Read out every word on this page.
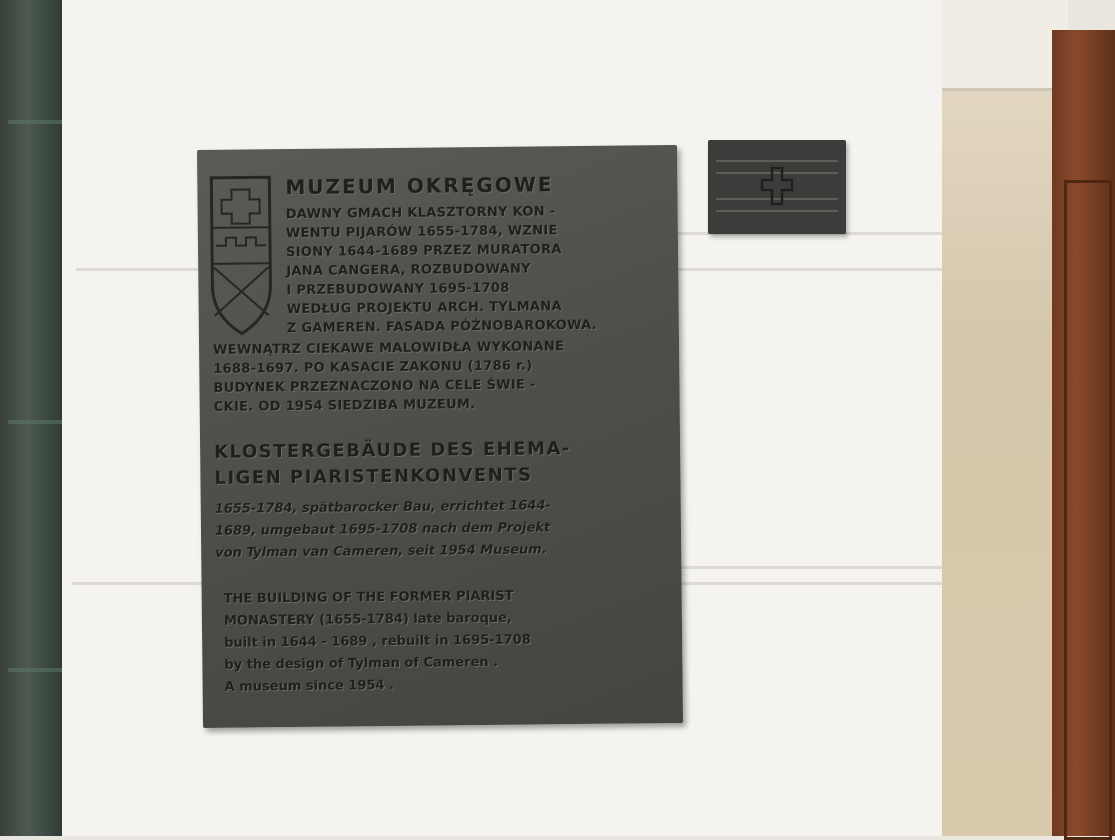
MUZEUM OKRĘGOWE
DAWNY GMACH KLASZTORNY KON -
WENTU PIJARÓW 1655-1784, WZNIE
SIONY 1644-1689 PRZEZ MURATORA
JANA CANGERA, ROZBUDOWANY
I PRZEBUDOWANY 1695-1708
WEDŁUG PROJEKTU ARCH. TYLMANA
Z GAMEREN. FASADA PÓŹNOBAROKOWA.
WEWNĄTRZ CIEKAWE MALOWIDŁA WYKONANE
1688-1697. PO KASACIE ZAKONU (1786 r.)
BUDYNEK PRZEZNACZONO NA CELE ŚWIE -
CKIE. OD 1954 SIEDZIBA MUZEUM.
KLOSTERGEBÄUDE DES EHEMA-
LIGEN PIARISTENKONVENTS
1655-1784, spätbarocker Bau, errichtet 1644-
1689, umgebaut 1695-1708 nach dem Projekt
von Tylman van Cameren, seit 1954 Museum.
THE BUILDING OF THE FORMER PIARIST
MONASTERY (1655-1784) late baroque,
built in 1644 - 1689 , rebuilt in 1695-1708
by the design of Tylman of Cameren .
A museum since 1954 .
